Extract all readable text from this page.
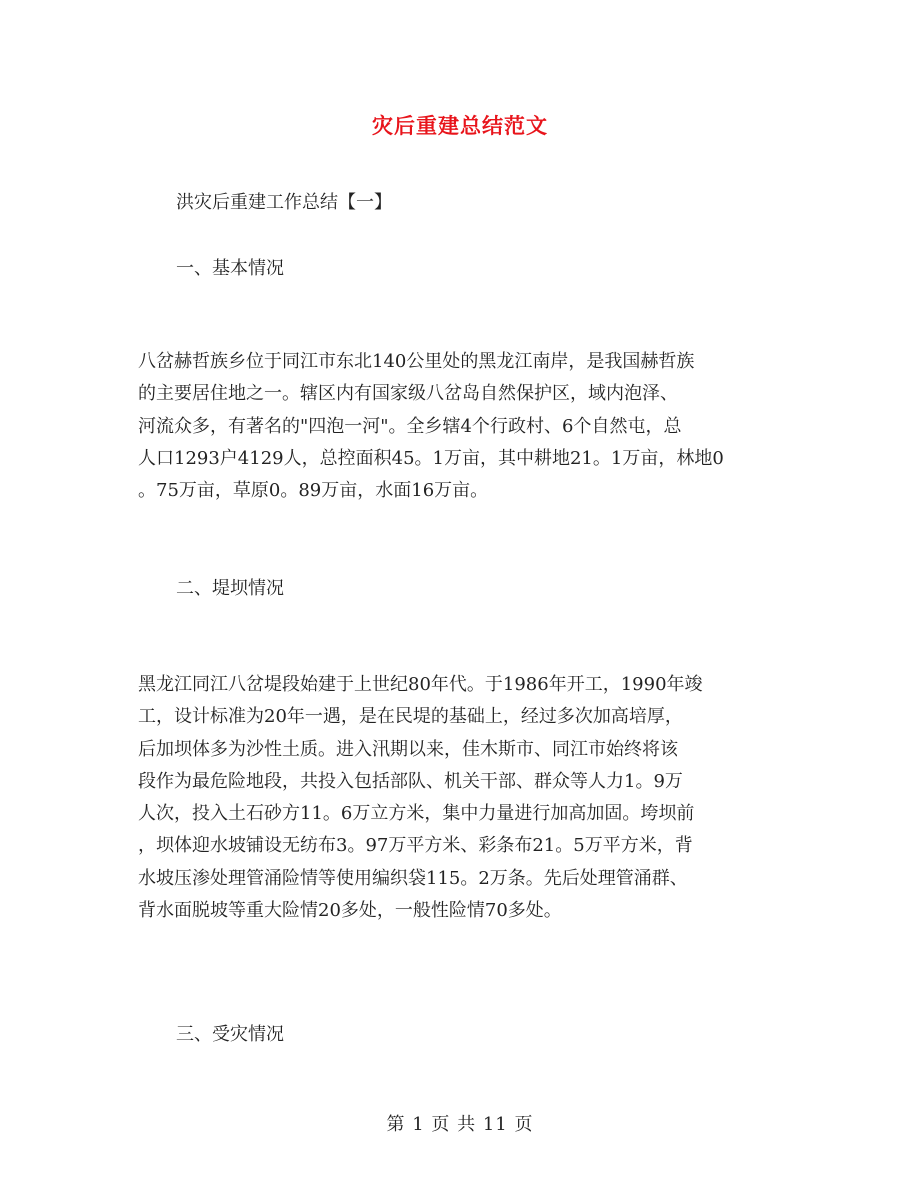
灾后重建总结范文
洪灾后重建工作总结【一】
一、基本情况
八岔赫哲族乡位于同江市东北140公里处的黑龙江南岸，是我国赫哲族
的主要居住地之一。辖区内有国家级八岔岛自然保护区，域内泡泽、
河流众多，有著名的"四泡一河"。全乡辖4个行政村、6个自然屯，总
人口1293户4129人，总控面积45。1万亩，其中耕地21。1万亩，林地0
。75万亩，草原0。89万亩，水面16万亩。
二、堤坝情况
黑龙江同江八岔堤段始建于上世纪80年代。于1986年开工，1990年竣
工，设计标准为20年一遇，是在民堤的基础上，经过多次加高培厚，
后加坝体多为沙性土质。进入汛期以来，佳木斯市、同江市始终将该
段作为最危险地段，共投入包括部队、机关干部、群众等人力1。9万
人次，投入土石砂方11。6万立方米，集中力量进行加高加固。垮坝前
，坝体迎水坡铺设无纺布3。97万平方米、彩条布21。5万平方米，背
水坡压渗处理管涌险情等使用编织袋115。2万条。先后处理管涌群、
背水面脱坡等重大险情20多处，一般性险情70多处。
三、受灾情况
第 1 页 共 11 页
